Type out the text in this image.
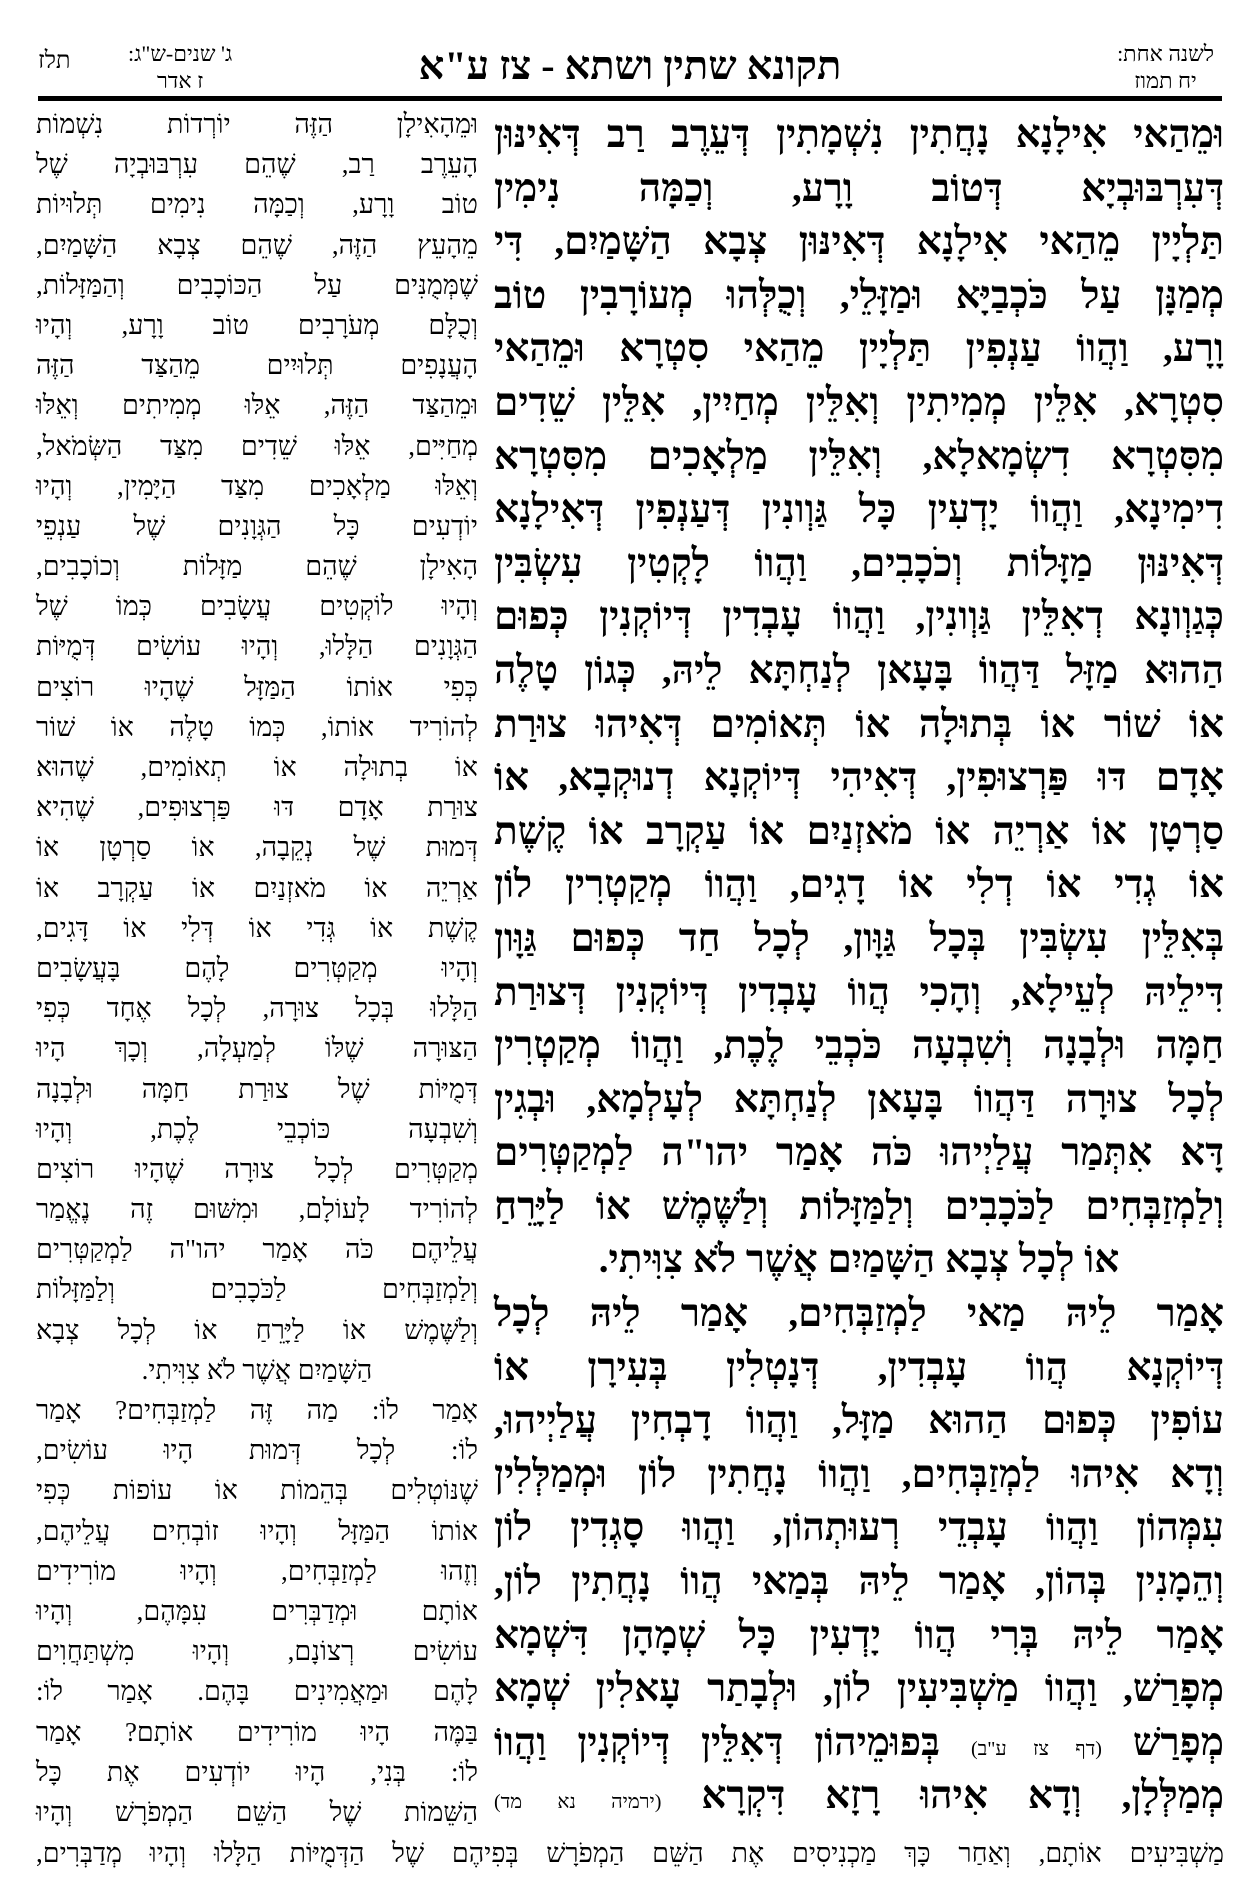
לשנה אחת:
יח תמוז
תקונא שתין ושתא - צז ע"א
ג' שנים-ש"ג:
ז אדר
תלז
וּמֵהַאי אִילָנָא נָחֲתִין נִשְׁמָתִין דְּעֵרֶב רַב דְּאִינּוּן
דְּעִרְבּוּבְיָא דְּטוֹב וָרָע, וְכַמָּה נִימִין
תַּלְיָין מֵהַאי אִילָנָא דְּאִינּוּן צְבָא הַשָּׁמַיִם, דִּי
מְמַנָּן עַל כֹּכְבַיָּא וּמַזָּלֵי, וְכֻלְּהוּ מְעוֹרָבִין טוֹב
וָרָע, וַהֲווֹ עַנְפִין תַּלְיָין מֵהַאי סִטְרָא וּמֵהַאי
סִטְרָא, אִלֵּין מְמִיתִין וְאִלֵּין מְחַיִין, אִלֵּין שֵׁדִים
מִסִּטְרָא דִשְׂמָאלָא, וְאִלֵּין מַלְאָכִים מִסִּטְרָא
דִימִינָא, וַהֲווֹ יָדְעִין כָּל גַּוְונִין דְּעַנְפִין דְּאִילָנָא
דְּאִינּוּן מַזָּלוֹת וְכֹכָבִים, וַהֲווֹ לָקְטִין עִשְׂבִּין
כְּגַוְונָא דְאִלֵּין גַּוְונִין, וַהֲווֹ עָבְדִין דְּיוֹקְנִין כְּפוּם
הַהוּא מַזָּל דַּהֲווֹ בָּעָאן לְנַחְתָּא לֵיהּ, כְּגוֹן טָלֶה
אוֹ שׁוֹר אוֹ בְּתוּלָה אוֹ תְּאוֹמִים דְּאִיהוּ צוּרַת
אָדָם דּוּ פַּרְצוּפִין, דְּאִיהִי דְּיוֹקְנָא דְנוּקְבָא, אוֹ
סַרְטָן אוֹ אַרְיֵה אוֹ מֹאזְנַיִם אוֹ עַקְרָב אוֹ קֶשֶׁת
אוֹ גְדִי אוֹ דְלִי אוֹ דָגִים, וַהֲווֹ מְקַטְרִין לוֹן
בְּאִלֵּין עִשְׂבִּין בְּכָל גַּוָּון, לְכָל חַד כְּפוּם גַּוָּון
דִּילֵיהּ לְעֵילָא, וְהָכִי הֲווֹ עָבְדִין דְּיוֹקְנִין דְּצוּרַת
חַמָּה וּלְבָנָה וְשִׁבְעָה כֹּכְבֵי לֶכֶת, וַהֲווֹ מְקַטְרִין
לְכָל צוּרָה דַּהֲווֹ בָּעָאן לְנַחְתָּא לְעָלְמָא, וּבְגִין
דָּא אִתְּמַר עֲלַיְיהוּ כֹּה אָמַר יהו"ה לַמְקַטְּרִים
וְלַמְזַבְּחִים לַכֹּכָבִים וְלַמַּזָּלוֹת וְלַשֶּׁמֶשׁ אוֹ לַיָּרֵחַ
אוֹ לְכָל צְבָא הַשָּׁמַיִם אֲשֶׁר לֹא צִוִּיתִי.
אָמַר לֵיהּ מַאי לַמְזַבְּחִים, אָמַר לֵיהּ לְכָל
דְּיוֹקְנָא הֲווֹ עָבְדִין, דְּנָטְלִין בְּעִירָן אוֹ
עוֹפִין כְּפוּם הַהוּא מַזָּל, וַהֲווֹ דָבְחִין עֲלַיְיהוּ,
וְדָא אִיהוּ לַמְזַבְּחִים, וַהֲווֹ נָחֲתִין לוֹן וּמְמַלְּלִין
עִמְּהוֹן וַהֲווֹ עָבְדֵי רְעוּתְהוֹן, וַהֲווּ סָגְדִין לוֹן
וְהֵמָנִין בְּהוֹן, אָמַר לֵיהּ בְּמַאי הֲווֹ נָחֲתִין לוֹן,
אָמַר לֵיהּ בְּרִי הֲווֹ יָדְעִין כָּל שְׁמָהָן דִּשְׁמָא
מְפָרַשׁ, וַהֲווֹ מַשְׁבִּיעִין לוֹן, וּלְבָתַר עָאלִין שְׁמָא
מְפָרַשׁ (דף צז ע"ב) בְּפוּמֵיהוֹן דְּאִלֵּין דְּיוֹקְנִין וַהֲווֹ
מְמַלְּלָן, וְדָא אִיהוּ רָזָא דִּקְרָא (ירמיה נא מד)
וּמֵהָאִילָן הַזֶּה יוֹרְדוֹת נִשְׁמוֹת
הָעֵרֶב רַב, שֶׁהֵם עִרְבּוּבְיָה שֶׁל
טוֹב וָרָע, וְכַמָּה נִימִים תְּלוּיוֹת
מֵהָעֵץ הַזֶּה, שֶׁהֵם צְבָא הַשָּׁמַיִם,
שֶׁמְּמֻנִּים עַל הַכּוֹכָבִים וְהַמַּזָּלוֹת,
וְכֻלָּם מְעֹרָבִים טוֹב וָרָע, וְהָיוּ
הָעֲנָפִים תְּלוּיִים מֵהַצַּד הַזֶּה
וּמֵהַצַּד הַזֶּה, אֵלּוּ מְמִיתִים וְאֵלּוּ
מְחַיִּים, אֵלּוּ שֵׁדִים מִצַּד הַשְּׂמֹאל,
וְאֵלּוּ מַלְאָכִים מִצַּד הַיָּמִין, וְהָיוּ
יוֹדְעִים כָּל הַגְּוָנִים שֶׁל עַנְפֵי
הָאִילָן שֶׁהֵם מַזָּלוֹת וְכוֹכָבִים,
וְהָיוּ לוֹקְטִים עֲשָׂבִים כְּמוֹ שֶׁל
הַגְּוָנִים הַלָּלוּ, וְהָיוּ עוֹשִׂים דְּמֻיּוֹת
כְּפִי אוֹתוֹ הַמַּזָּל שֶׁהָיוּ רוֹצִים
לְהוֹרִיד אוֹתוֹ, כְּמוֹ טָלֶה אוֹ שׁוֹר
אוֹ בְתוּלָה אוֹ תְאוֹמִים, שֶׁהוּא
צוּרַת אָדָם דּוּ פַּרְצוּפִים, שֶׁהִיא
דְּמוּת שֶׁל נְקֵבָה, אוֹ סַרְטָן אוֹ
אַרְיֵה אוֹ מֹאזְנַיִם אוֹ עַקְרָב אוֹ
קֶשֶׁת אוֹ גְּדִי אוֹ דְּלִי אוֹ דָּגִים,
וְהָיוּ מְקַטְּרִים לָהֶם בָּעֲשָׂבִים
הַלָּלוּ בְּכָל צוּרָה, לְכָל אֶחָד כְּפִי
הַצּוּרָה שֶׁלּוֹ לְמַעְלָה, וְכָךְ הָיוּ
דְּמֻיּוֹת שֶׁל צוּרַת חַמָּה וּלְבָנָה
וְשִׁבְעָה כּוֹכְבֵי לֶכֶת, וְהָיוּ
מְקַטְּרִים לְכָל צוּרָה שֶׁהָיוּ רוֹצִים
לְהוֹרִיד לָעוֹלָם, וּמִשּׁוּם זֶה נֶאֱמַר
עֲלֵיהֶם כֹּה אָמַר יהו"ה לַמְקַטְּרִים
וְלַמְזַבְּחִים לַכֹּכָבִים וְלַמַּזָּלוֹת
וְלַשֶּׁמֶשׁ אוֹ לַיָּרֵחַ אוֹ לְכָל צְבָא
הַשָּׁמַיִם אֲשֶׁר לֹא צִוִּיתִי.
אָמַר לוֹ: מַה זֶּה לַמְזַבְּחִים? אָמַר
לוֹ: לְכָל דְּמוּת הָיוּ עוֹשִׂים,
שֶׁנּוֹטְלִים בְּהֵמוֹת אוֹ עוֹפוֹת כְּפִי
אוֹתוֹ הַמַּזָּל וְהָיוּ זוֹבְחִים עֲלֵיהֶם,
וְזֶהוּ לַמְזַבְּחִים, וְהָיוּ מוֹרִידִים
אוֹתָם וּמְדַבְּרִים עִמָּהֶם, וְהָיוּ
עוֹשִׂים רְצוֹנָם, וְהָיוּ מִשְׁתַּחֲוִים
לָהֶם וּמַאֲמִינִים בָּהֶם. אָמַר לוֹ:
בַּמֶּה הָיוּ מוֹרִידִים אוֹתָם? אָמַר
לוֹ: בְּנִי, הָיוּ יוֹדְעִים אֶת כָּל
הַשֵּׁמוֹת שֶׁל הַשֵּׁם הַמְפֹרָשׁ וְהָיוּ
מַשְׁבִּיעִים אוֹתָם, וְאַחַר כָּךְ מַכְנִיסִים אֶת הַשֵּׁם הַמְפֹרָשׁ בְּפִיהֶם שֶׁל הַדְּמֻיּוֹת הַלָּלוּ וְהָיוּ מְדַבְּרִים,
